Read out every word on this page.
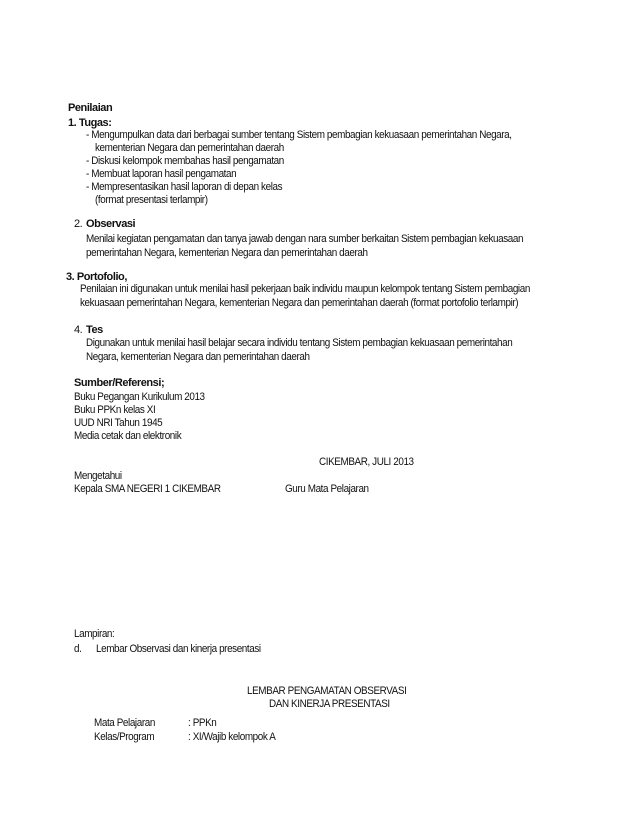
Penilaian
1. Tugas:
- Mengumpulkan data dari berbagai sumber tentang Sistem pembagian kekuasaan pemerintahan Negara,
kementerian Negara dan pemerintahan daerah
- Diskusi kelompok membahas hasil pengamatan
- Membuat laporan hasil pengamatan
- Mempresentasikan hasil laporan di depan kelas
(format presentasi terlampir)
2. Observasi
Menilai kegiatan pengamatan dan tanya jawab dengan nara sumber berkaitan Sistem pembagian kekuasaan
pemerintahan Negara, kementerian Negara dan pemerintahan daerah
3. Portofolio,
Penilaian ini digunakan untuk menilai hasil pekerjaan baik individu maupun kelompok tentang Sistem pembagian
kekuasaan pemerintahan Negara, kementerian Negara dan pemerintahan daerah (format portofolio terlampir)
4. Tes
Digunakan untuk menilai hasil belajar secara individu tentang Sistem pembagian kekuasaan pemerintahan
Negara, kementerian Negara dan pemerintahan daerah
Sumber/Referensi;
Buku Pegangan Kurikulum 2013
Buku PPKn kelas XI
UUD NRI Tahun 1945
Media cetak dan elektronik
CIKEMBAR, JULI 2013
Mengetahui
Kepala SMA NEGERI 1 CIKEMBAR	Guru Mata Pelajaran
Lampiran:
d. Lembar Observasi dan kinerja presentasi
LEMBAR PENGAMATAN OBSERVASI
DAN KINERJA PRESENTASI
Mata Pelajaran	: PPKn
Kelas/Program	: XI/Wajib kelompok A
